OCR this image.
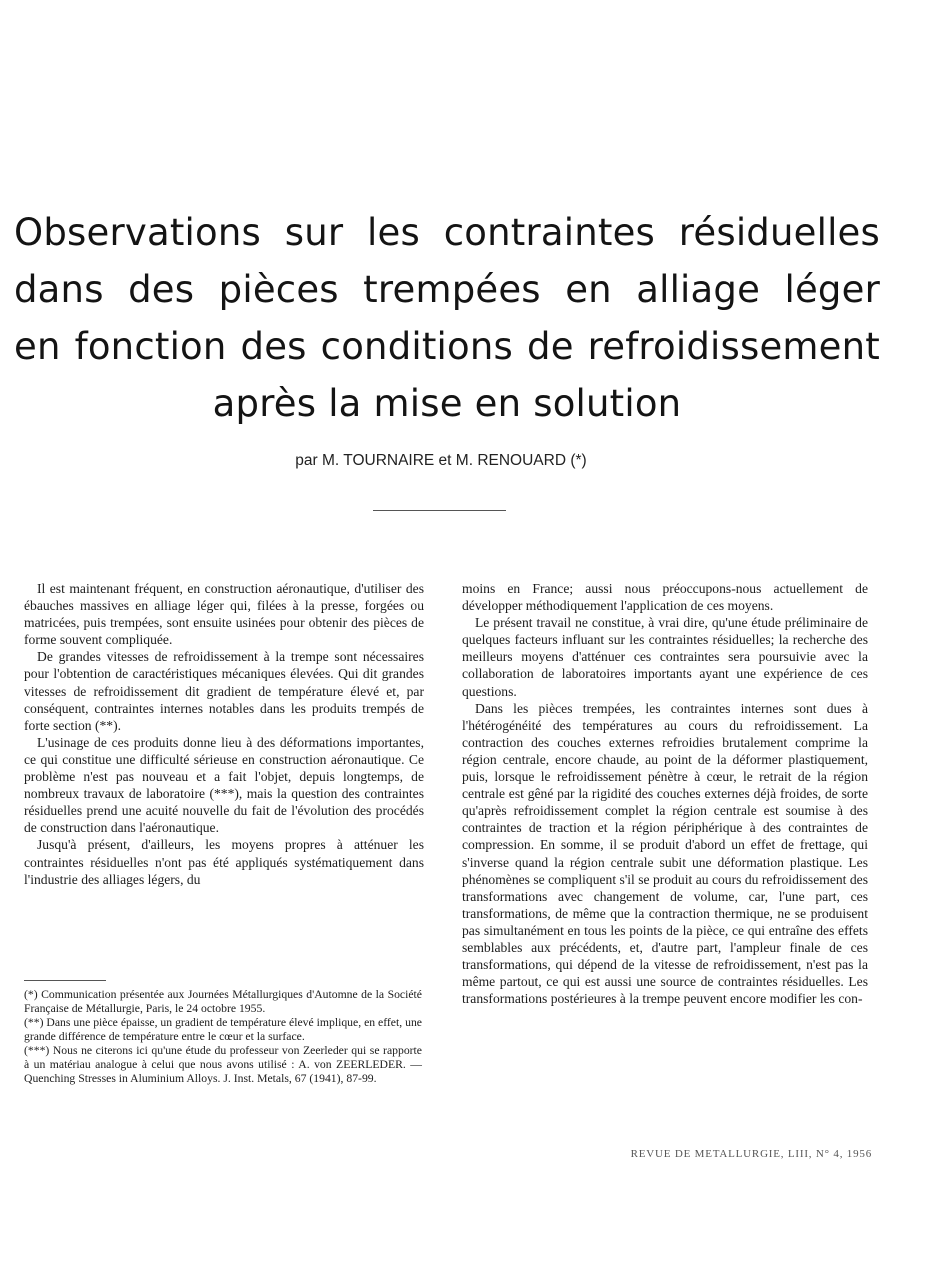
Observations sur les contraintes résiduelles
dans des pièces trempées en alliage léger
en fonction des conditions de refroidissement
après la mise en solution
par M. TOURNAIRE et M. RENOUARD (*)

Il est maintenant fréquent, en construction aéronautique, d'utiliser des ébauches massives en alliage léger qui, filées à la presse, forgées ou matricées, puis trempées, sont ensuite usinées pour obtenir des pièces de forme souvent compliquée.

De grandes vitesses de refroidissement à la trempe sont nécessaires pour l'obtention de caractéristiques mécaniques élevées. Qui dit grandes vitesses de refroidissement dit gradient de température élevé et, par conséquent, contraintes internes notables dans les produits trempés de forte section (**).

L'usinage de ces produits donne lieu à des déformations importantes, ce qui constitue une difficulté sérieuse en construction aéronautique. Ce problème n'est pas nouveau et a fait l'objet, depuis longtemps, de nombreux travaux de laboratoire (***), mais la question des contraintes résiduelles prend une acuité nouvelle du fait de l'évolution des procédés de construction dans l'aéronautique.

Jusqu'à présent, d'ailleurs, les moyens propres à atténuer les contraintes résiduelles n'ont pas été appliqués systématiquement dans l'industrie des alliages légers, du

moins en France; aussi nous préoccupons-nous actuellement de développer méthodiquement l'application de ces moyens.

Le présent travail ne constitue, à vrai dire, qu'une étude préliminaire de quelques facteurs influant sur les contraintes résiduelles; la recherche des meilleurs moyens d'atténuer ces contraintes sera poursuivie avec la collaboration de laboratoires importants ayant une expérience de ces questions.

Dans les pièces trempées, les contraintes internes sont dues à l'hétérogénéité des températures au cours du refroidissement. La contraction des couches externes refroidies brutalement comprime la région centrale, encore chaude, au point de la déformer plastiquement, puis, lorsque le refroidissement pénètre à cœur, le retrait de la région centrale est gêné par la rigidité des couches externes déjà froides, de sorte qu'après refroidissement complet la région centrale est soumise à des contraintes de traction et la région périphérique à des contraintes de compression. En somme, il se produit d'abord un effet de frettage, qui s'inverse quand la région centrale subit une déformation plastique. Les phénomènes se compliquent s'il se produit au cours du refroidissement des transformations avec changement de volume, car, l'une part, ces transformations, de même que la contraction thermique, ne se produisent pas simultanément en tous les points de la pièce, ce qui entraîne des effets semblables aux précédents, et, d'autre part, l'ampleur finale de ces transformations, qui dépend de la vitesse de refroidissement, n'est pas la même partout, ce qui est aussi une source de contraintes résiduelles. Les transformations postérieures à la trempe peuvent encore modifier les con-

(*) Communication présentée aux Journées Métallurgiques d'Automne de la Société Française de Métallurgie, Paris, le 24 octobre 1955.

(**) Dans une pièce épaisse, un gradient de température élevé implique, en effet, une grande différence de température entre le cœur et la surface.

(***) Nous ne citerons ici qu'une étude du professeur von Zeerleder qui se rapporte à un matériau analogue à celui que nous avons utilisé : A. von ZEERLEDER. — Quenching Stresses in Aluminium Alloys. J. Inst. Metals, 67 (1941), 87-99.

REVUE DE METALLURGIE, LIII, N° 4, 1956
